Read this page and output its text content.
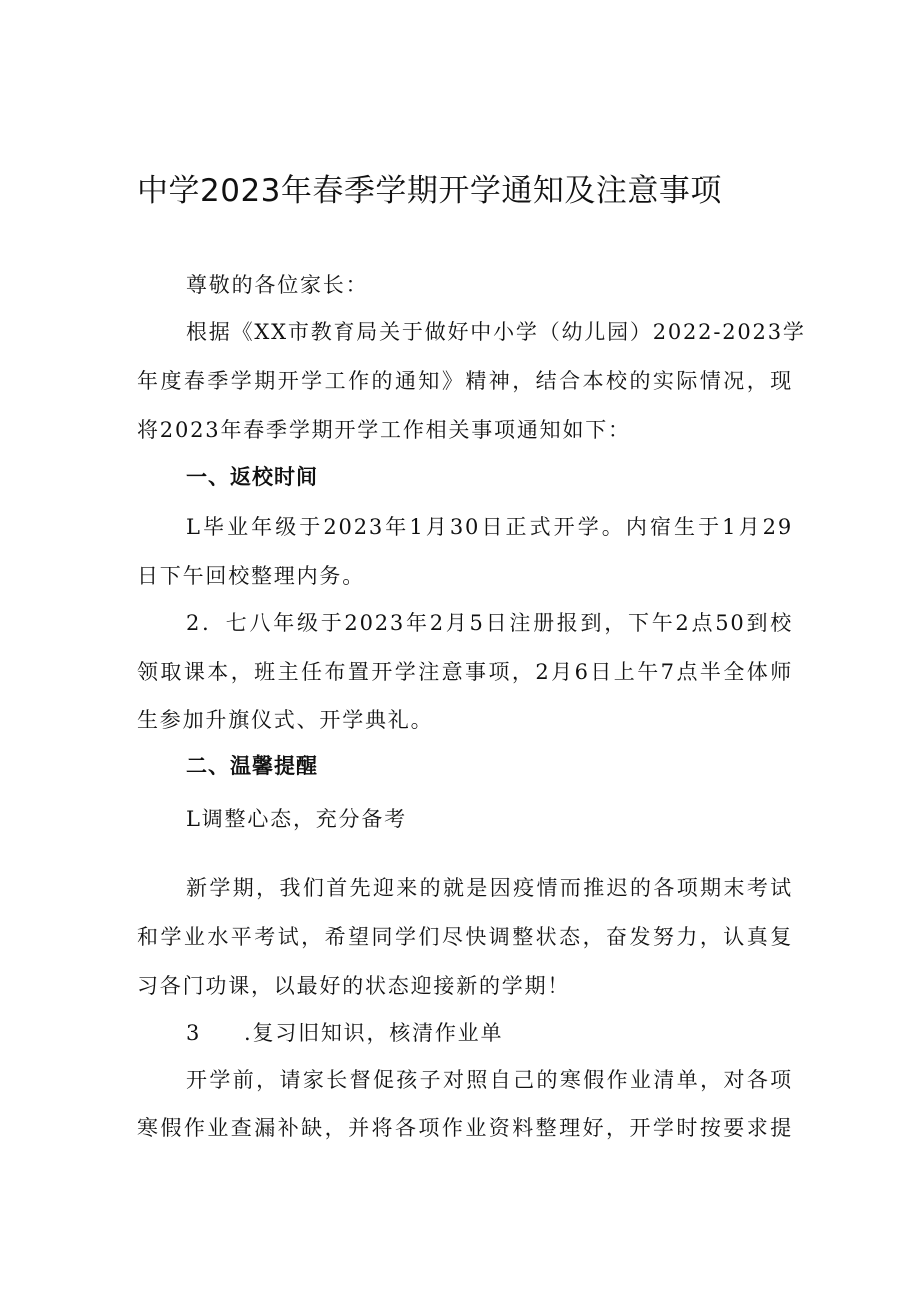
中学2023年春季学期开学通知及注意事项

尊敬的各位家长：

根据《XX市教育局关于做好中小学（幼儿园）2022-2023学

年度春季学期开学工作的通知》精神，结合本校的实际情况，现

将2023年春季学期开学工作相关事项通知如下：

一、返校时间

L毕业年级于2023年1月30日正式开学。内宿生于1月29

日下午回校整理内务。

2．七八年级于2023年2月5日注册报到，下午2点50到校

领取课本，班主任布置开学注意事项，2月6日上午7点半全体师

生参加升旗仪式、开学典礼。

二、温馨提醒

L调整心态，充分备考

新学期，我们首先迎来的就是因疫情而推迟的各项期末考试

和学业水平考试，希望同学们尽快调整状态，奋发努力，认真复

习各门功课，以最好的状态迎接新的学期！

3 .复习旧知识，核清作业单

开学前，请家长督促孩子对照自己的寒假作业清单，对各项

寒假作业查漏补缺，并将各项作业资料整理好，开学时按要求提
